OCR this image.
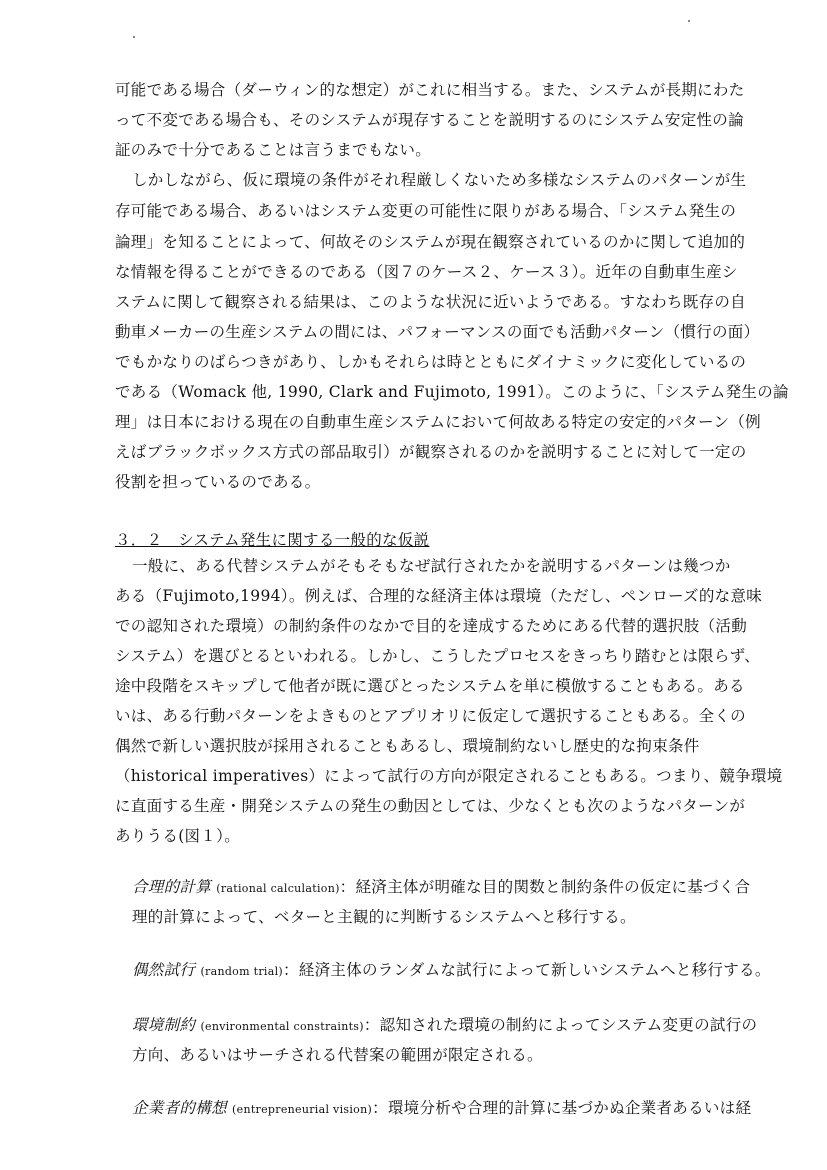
可能である場合（ダーウィン的な想定）がこれに相当する。また、システムが長期にわた
って不変である場合も、そのシステムが現存することを説明するのにシステム安定性の論
証のみで十分であることは言うまでもない。
しかしながら、仮に環境の条件がそれ程厳しくないため多様なシステムのパターンが生
存可能である場合、あるいはシステム変更の可能性に限りがある場合、「システム発生の
論理」を知ることによって、何故そのシステムが現在観察されているのかに関して追加的
な情報を得ることができるのである（図７のケース２、ケース３）。近年の自動車生産シ
ステムに関して観察される結果は、このような状況に近いようである。すなわち既存の自
動車メーカーの生産システムの間には、パフォーマンスの面でも活動パターン（慣行の面）
でもかなりのばらつきがあり、しかもそれらは時とともにダイナミックに変化しているの
である（Womack 他, 1990, Clark and Fujimoto, 1991）。このように、「システム発生の論
理」は日本における現在の自動車生産システムにおいて何故ある特定の安定的パターン（例
えばブラックボックス方式の部品取引）が観察されるのかを説明することに対して一定の
役割を担っているのである。
３．２　システム発生に関する一般的な仮説
一般に、ある代替システムがそもそもなぜ試行されたかを説明するパターンは幾つか
ある（Fujimoto,1994）。例えば、合理的な経済主体は環境（ただし、ペンローズ的な意味
での認知された環境）の制約条件のなかで目的を達成するためにある代替的選択肢（活動
システム）を選びとるといわれる。しかし、こうしたプロセスをきっちり踏むとは限らず、
途中段階をスキップして他者が既に選びとったシステムを単に模倣することもある。ある
いは、ある行動パターンをよきものとアプリオリに仮定して選択することもある。全くの
偶然で新しい選択肢が採用されることもあるし、環境制約ないし歴史的な拘束条件
（historical imperatives）によって試行の方向が限定されることもある。つまり、競争環境
に直面する生産・開発システムの発生の動因としては、少なくとも次のようなパターンが
ありうる(図１）。
合理的計算 (rational calculation)：経済主体が明確な目的関数と制約条件の仮定に基づく合
理的計算によって、ベターと主観的に判断するシステムへと移行する。
偶然試行 (random trial)：経済主体のランダムな試行によって新しいシステムへと移行する。
環境制約 (environmental constraints)：認知された環境の制約によってシステム変更の試行の
方向、あるいはサーチされる代替案の範囲が限定される。
企業者的構想 (entrepreneurial vision)：環境分析や合理的計算に基づかぬ企業者あるいは経
